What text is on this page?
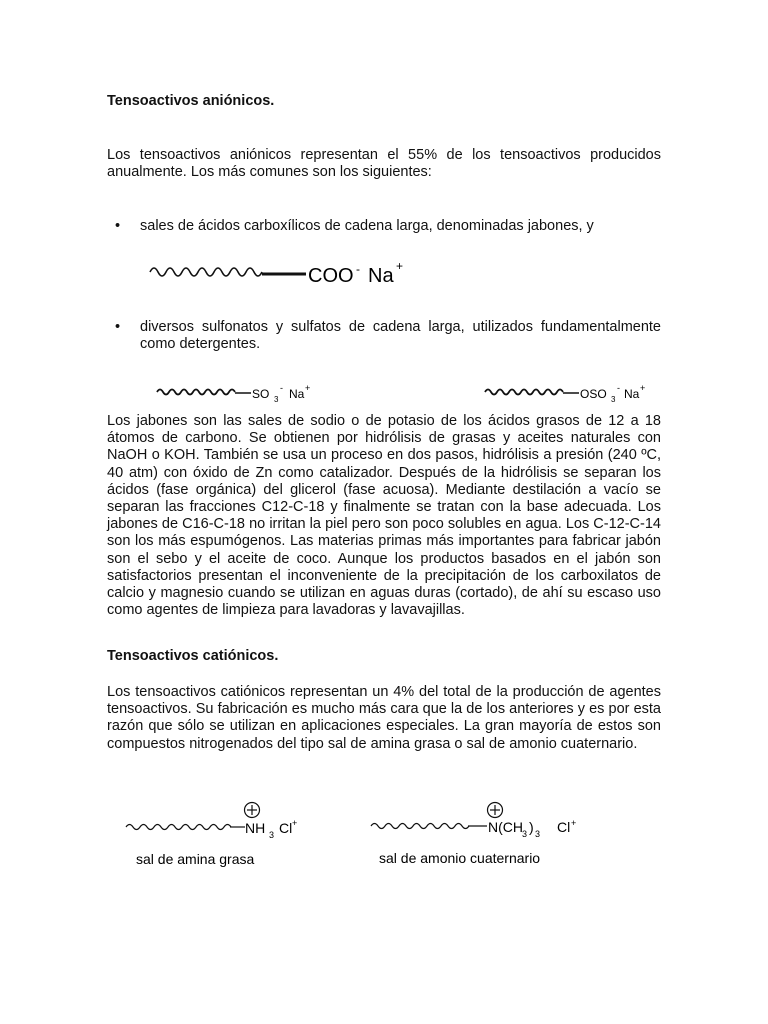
Tensoactivos aniónicos.
Los tensoactivos aniónicos representan el 55% de los tensoactivos producidos anualmente. Los más comunes son los siguientes:
• sales de ácidos carboxílicos de cadena larga, denominadas jabones, y
COO - Na +
• diversos sulfonatos y sulfatos de cadena larga, utilizados fundamentalmente como detergentes.
SO 3
- Na +	OSO 3
- Na +
Los jabones son las sales de sodio o de potasio de los ácidos grasos de 12 a 18 átomos de carbono. Se obtienen por hidrólisis de grasas y aceites naturales con NaOH o KOH. También se usa un proceso en dos pasos, hidrólisis a presión (240 ºC, 40 atm) con óxido de Zn como catalizador. Después de la hidrólisis se separan los ácidos (fase orgánica) del glicerol (fase acuosa). Mediante destilación a vacío se separan las fracciones C12-C-18 y finalmente se tratan con la base adecuada. Los jabones de C16-C-18 no irritan la piel pero son poco solubles en agua. Los C-12-C-14 son los más espumógenos. Las materias primas más importantes para fabricar jabón son el sebo y el aceite de coco. Aunque los productos basados en el jabón son satisfactorios presentan el inconveniente de la precipitación de los carboxilatos de calcio y magnesio cuando se utilizan en aguas duras (cortado), de ahí su escaso uso como agentes de limpieza para lavadoras y lavavajillas.
Tensoactivos catiónicos.
Los tensoactivos catiónicos representan un 4% del total de la producción de agentes tensoactivos. Su fabricación es mucho más cara que la de los anteriores y es por esta razón que sólo se utilizan en aplicaciones especiales. La gran mayoría de estos son compuestos nitrogenados del tipo sal de amina grasa o sal de amonio cuaternario.
NH 3 Cl +
sal de amina grasa
N(CH 3 ) 3 Cl +
sal de amonio cuaternario
